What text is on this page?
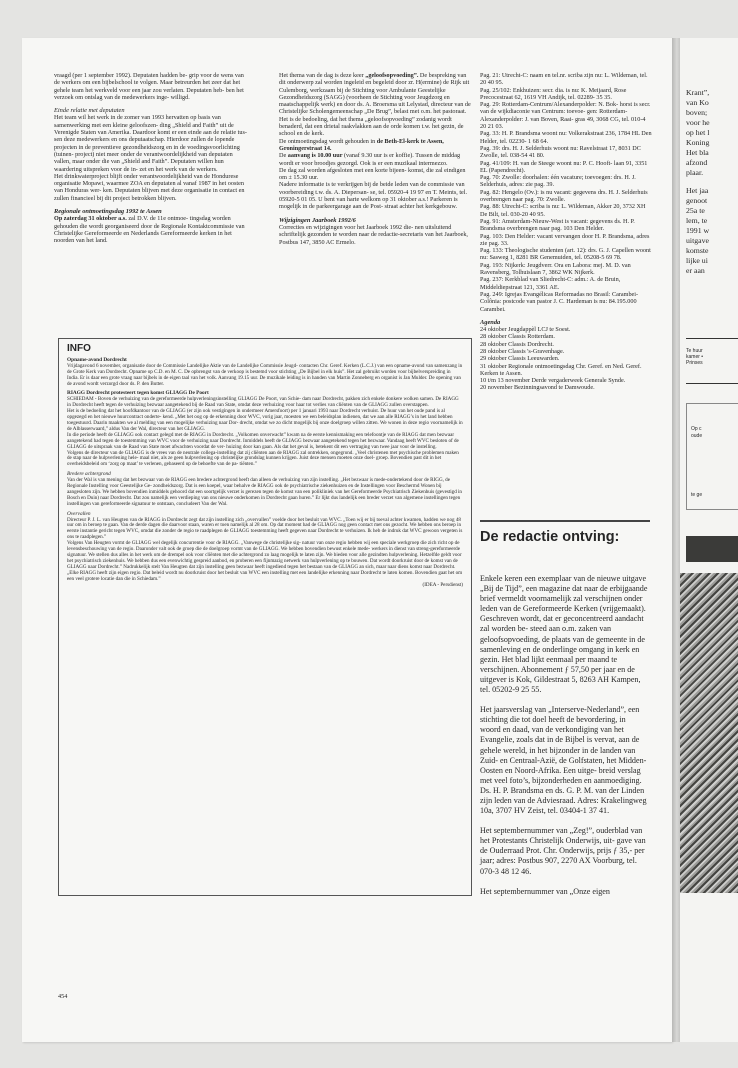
vraagd (per 1 september 1992). Deputaten hadden be- grip voor de wens van de werkers om een bijbelschool te volgen. Maar betreurden het zeer dat het gehele team het werkveld voor een jaar zou verlaten. Deputaten heb- ben het verzoek om ontslag van de medewerkers inge- willigd.

Einde relatie met deputaten

Het team wil het werk in de zomer van 1993 hervatten op basis van samenwerking met een kleine geloofszen- ding „Shield and Faith” uit de Verenigde Staten van Amerika. Daardoor komt er een einde aan de relatie tus- sen deze medewerkers en ons deputaatschap. Hierdoor zullen de lopende projecten in de preventieve gezondheidszorg en in de voedingsvoorlichting (tuinen- project) niet meer onder de verantwoordelijkheid van deputaten vallen, maar onder die van „Shield and Faith”. Deputaten willen hun waardering uitspreken voor de in- zet en het werk van de werkers.

Het drinkwaterproject blijft onder verantwoordelijkheid van de Hondurese organisatie Mopawi, waarmee ZOA en deputaten al vanaf 1987 in het oosten van Honduras wer- ken. Deputaten blijven met deze organisatie in contact en zullen financieel bij dit project betrokken blijven.

Regionale ontmoetingsdag 1992 te Assen

Op zaterdag 31 oktober a.s. zal D.V. de 11e ontmoe- tingsdag worden gehouden die wordt georganiseerd door de Regionale Kontaktcommissie van Christelijke Gereformeerde en Nederlands Gereformeerde kerken in het noorden van het land.

Het thema van de dag is deze keer „geloofsopvoeding”. De bespreking van dit onderwerp zal worden ingeleid en begeleid door zr. H(ermine) de Rijk uit Culemborg, werkzaam bij de Stichting voor Ambulante Geestelijke Gezondheidszorg (SAGG) (voorheen de Stichting voor Jeugdzorg en maatschappelijk werk) en door ds. A. Broersma uit Lelystad, directeur van de Christelijke Scholengemeenschap „De Brug”, belast met o.m. het pastoraat.

Het is de bedoeling, dat het thema „geloofsopvoeding” zodanig wordt benaderd, dat een drietal raakvlakken aan de orde komen t.w. het gezin, de school en de kerk.

De ontmoetingsdag wordt gehouden in de Beth-El-kerk te Assen, Groningerstraat 14.

De aanvang is 10.00 uur (vanaf 9.30 uur is er koffie). Tussen de middag wordt er voor broodjes gezorgd. Ook is er een muzikaal intermezzo.

De dag zal worden afgesloten met een korte bijeen- komst, die zal eindigen om ± 15.30 uur.

Nadere informatie is te verkrijgen bij de beide leden van de commissie van voorbereiding t.w. ds. A. Diepersan- se, tel. 05920-4 19 97 en T. Meints, tel. 05920-5 01 05. U bent van harte welkom op 31 oktober a.s.! Parkeren is mogelijk in de parkeergarage aan de Post- straat achter het kerkgebouw.

Wijzigingen Jaarboek 1992/6

Correcties en wijzigingen voor het Jaarboek 1992 die- nen uitsluitend schriftelijk gezonden te worden naar de redactie-secretaris van het Jaarboek, Postbus 147, 3850 AC Ermelo.

Pag. 21: Utrecht-C: naam en tel.nr. scriba zijn nu: L. Wildeman, tel. 20 40 95.

Pag. 25/102: Enkhuizen: secr. dia. is nu: K. Meijaard, Rose Precocestraat 62, 1619 VH Andijk, tel. 02289- 35 35.

Pag. 29: Rotterdam-Centrum/Alexanderpolder: N. Bok- horst is secr. van de wijkdiaconie van Centrum: toevoe- gen: Rotterdam-Alexanderpolder: J. van Boven, Raai- gras 49, 3068 CG, tel. 010-4 20 21 03.

Pag. 33: H. P. Brandsma woont nu: Volkerakstraat 236, 1784 HL Den Helder, tel. 02230- 1 68 64.

Pag. 39: drs. H. J. Selderhuis woont nu: Ravelstraat 17, 8031 DC Zwolle, tel. 038-54 41 80.

Pag. 41/109: H. van de Steege woont nu: P. C. Hooft- laan 91, 3351 EL (Papendrecht).

Pag. 70: Zwolle: doorhalen: één vacature; toevoegen: drs. H. J. Selderhuis, adres: zie pag. 39.

Pag. 82: Hengelo (Ov.): is nu vacant: gegevens drs. H. J. Selderhuis overbrengen naar pag. 70: Zwolle.

Pag. 88: Utrecht-C: scriba is nu: L. Wildeman, Akker 20, 3732 XH De Bilt, tel. 030-20 40 95.

Pag. 91: Amsterdam-Nieuw-West is vacant: gegevens ds. H. P. Brandsma overbrengen naar pag. 103 Den Helder.

Pag. 103: Den Helder: vacant vervangen door H. P. Brandsma, adres zie pag. 33.

Pag. 133: Theologische studenten (art. 12): drs. G. J. Capellen woont nu: Sasweg 1, 8281 BR Genemuiden, tel. 05208-5 69 78.

Pag. 193: Nijkerk: Jeugdverr. Ora en Labora: mej. M. D. van Ravensberg, Tolhuislaan 7, 3862 WK Nijkerk.

Pag. 237: Kerkblad van Sliedrecht-C: adm.: A. de Bruin, Middeldiepstraat 121, 3361 AE.

Pag. 249: Igrejas Evangélicas Reformadas no Brasil: Carambei-Colônia: postcode van pastor J. C. Hardeman is nu: 84.195.000 Carambei.

Agenda

24 oktober Jeugdappèl LCJ te Soest.

28 oktober Classis Rotterdam.

28 oktober Classis Dordrecht.

28 oktober Classis 's-Gravenhage.

29 oktober Classis Leeuwarden.

31 oktober Regionale ontmoetingsdag Chr. Geref. en Ned. Geref. Kerken te Assen.

10 t/m 13 november Derde vergaderweek Generale Synde.

20 november Bezinningsavond te Damwoude.

INFO
Opname-avond Dordrecht

Vrijdagavond 6 november, organisatie door de Commissie Landelijke Aktie van de Landelijke Commissie Jeugd- contacten Chr. Geref. Kerken (L.C.J.) van een opname-avond van samenzang in de Grote Kerk van Dordrecht. Opname op C.D. en M. C. De opbrengst van de verkoop is bestemd voor stichting „De Bijbel in elk huis”. Het zal gebruikt worden voor bijbelverspreiding in India. Er is daar een grote vraag naar bijbels in de eigen taal van het volk. Aanvang 19.15 uur. De muzikale leiding is in handen van Martin Zonneberg en organist is Jan Mulder. De opening van de avond wordt verzorgd door ds. P. den Butter.

RIAGG Dordrecht protesteert tegen komst GLIAGG De Poort

SCHIEDAM - Boven de verhuizing van de gereformeerde hulpverleningsinstelling GLIAGG De Poort, van Schie- dam naar Dordrecht, pakken zich enkele donkere wolken samen. De RIAGG in Dordrecht heeft tegen de verhuizing bezwaar aangetekend bij de Raad van State, omdat deze verhuizing voor haar tot verlies van cliënten van de GLIAGG zullen overstappen.

Het is de bedoeling dat het hoofdkantoor van de GLIAGG (er zijn ook vestigingen in ondermeer Amersfoort) per 1 januari 1993 naar Dordrecht verhuist. De huur van het oude pand is al opgezegd en het nieuwe huurcontract onderte- kend. „Met het oog op de erkenning door WVC, vorig jaar, moesten we een beleidsplan indienen, dat we aan alle RIAGG’s in het land hebben toegestuurd. Daarin maakten we al melding van een mogelijke verhuizing naar Dor- drecht, omdat we zo dicht mogelijk bij onze doelgroep willen zitten. We wonen in deze regio voornamelijk in de Alblasserwaard,” aldus Van der Wal, directeur van het GLIAGG.

In die periode heeft de GLIAGG ook contact gelegd met de RIAGG in Dordrecht. „Volkomen onverwacht” kwam na de eerste kennismaking een telefoontje van de RIAGG dat men bezwaar aangetekend had tegen de toestemming van WVC voor de verhuizing naar Dordrecht. Inmiddels heeft de GLIAGG bezwaar aangetekend tegen het bezwaar. Vandaag heeft WVC besloten of de GLIAGG de uitspraak van de Raad van State moet afwachten voordat de ver- huizing door kan gaan. Als dat het geval is, betekent dit een vertraging van twee jaar voor de instelling.

Volgens de directeur van de GLIAGG is de vrees van de neutrale collega-instelling dat zij cliënten aan de RIAGG zal ontrekken, ongegrond. „Veel christenen met psychische problemen maken de stap naar de hulpverlening hele- maal niet, als ze geen hulpverlening op christelijke grondslag kunnen krijgen. Juist deze mensen moeten onze doel- groep. Bovendien past dit in het overheidsbeleid om ‘zorg op maat’ te verlenen, gebaseerd op de behoefte van de pa- tiënten.”

Bredere achtergrond

Van der Wal is van mening dat het bezwaar van de RIAGG een bredere achtergrond heeft dan alleen de verhuizing van zijn instelling. „Het bezwaar is mede-ondertekend door de RIGG, de Regionale Instelling voor Geestelijke Ge- zondheidszorg. Dat is een koepel, waar behalve de RIAGG ook de psychiatrische ziekenhuizen en de Instellingen voor Beschermd Wonen bij aangesloten zijn. We hebben bovendien inmiddels gehoord dat een soortgelijk verzet is gerezen tegen de komst van een polikliniek van het Gereformeerde Psychiatrisch Ziekenhuis (gevestigd in Bosch en Duin) naar Dordrecht. Dat zou namelijk een verdieping van ons nieuwe onderkomen in Dordrecht gaan huren.” Er lijkt dus landelijk een breder verzet van algemene instellingen tegen instellingen van gereformeerde signatuur te ontstaan, concludeert Van der Wal.

Overvallen

Directeur P. J. L. van Heugten van de RIAGG in Dordrecht zegt dat zijn instelling zich „overvallen” voelde door het besluit van WVC. „Toen wij er bij toeval achter kwamen, hadden we nog 48 uur om in beroep te gaan. Van de derde dagen die daarvoor staan, waren er toen namelijk al 28 om. Op dat moment had de GLIAGG nog geen contact met ons gezocht. We hebben ons beroep in eerste instantie gericht tegen WVC, omdat die zonder de regio te raadplegen de GLIAGG toestemming heeft gegeven naar Dordrecht te verhuizen. Ik heb de indruk dat WVC gewoon vergeten is ons te raadplegen.”

Volgens Van Heugten vormt de GLIAGG wel degelijk concurrentie voor de RIAGG. „Vanwege de christelijke sig- natuur van onze regio hebben wij een speciale werkgroep die zich richt op de levensbeschouwing van de regio. Daaronder valt ook de groep die de doelgroep vormt van de GLIAGG. We hebben bovendien bewust enkele mede- werkers in dienst van streng-gereformeerde signatuur. We stellen dus alles in het werk om de drempel ook voor cliënten met die achtergrond zo laag mogelijk te laten zijn. We bieden voor alle gezindten hulpverlening. Hetzelfde geldt voor het psychiatrisch ziekenhuis. We hebben dus een evenwichtig gespreid aanbod, en proberen een fijnmazig netwerk van hulpverlening op te bouwen. Dat wordt doorkruist door de komst van de GLIAGG naar Dordrecht.” Nadrukkelijk stelt Van Heugten dat zijn instelling geen bezwaar heeft ingediend tegen het bestaan van de GLIAGG an sich, maar naar diens komst naar Dordrecht. „Elke RIAGG heeft zijn eigen regio. Dat beleid wordt nu doorkruist door het besluit van WVC een instelling met een landelijke erkenning naar Dordrecht te laten komen. Bovendien gaat het om een veel grotere locatie dan die in Schiedam.”

(IDEA - Persdienst)

De redactie ontving:

Enkele keren een exemplaar van de nieuwe uitgave „Bij de Tijd”, een magazine dat naar de erbijgaande brief vermeldt voornamelijk zal verschijnen onder leden van de Gereformeerde Kerken (vrijgemaakt). Geschreven wordt, dat er geconcentreerd aandacht zal worden be- steed aan o.m. zaken van geloofsopvoeding, de plaats van de gemeente in de samenleving en de onderlinge omgang in kerk en gezin. Het blad lijkt eenmaal per maand te verschijnen. Abonnement ƒ 57,50 per jaar en de uitgever is Kok, Gildestraat 5, 8263 AH Kampen, tel. 05202-9 25 55.

Het jaarsverslag van „Interserve-Nederland”, een stichting die tot doel heeft de bevordering, in woord en daad, van de verkondiging van het Evangelie, zoals dat in de Bijbel is vervat, aan de gehele wereld, in het bijzonder in de landen van Zuid- en Centraal-Azië, de Golfstaten, het Midden-Oosten en Noord-Afrika. Een uitge- breid verslag met veel foto’s, bijzonderheden en aanmoediging. Ds. H. P. Brandsma en ds. G. P. M. van der Linden zijn leden van de Adviesraad. Adres: Krakelingweg 10a, 3707 HV Zeist, tel. 03404-1 37 41.

Het septembernummer van „Zeg!”, ouderblad van het Protestants Christelijk Onderwijs, uit- gave van de Ouderraad Prot. Chr. Onderwijs, prijs ƒ 35,- per jaar; adres: Postbus 907, 2270 AX Voorburg, tel. 070-3 48 12 46.

Het septembernummer van „Onze eigen

454

Krant”,
van Ko
boven;
voor he
op het l
Koning
Het bla
afzond
plaar.

Het jaa
genoot
25a te
lem, te
1991 w
uitgave
komste
lijke ui
er aan

Te huur
kamer •
Prinses
Op c
oude
te ge
